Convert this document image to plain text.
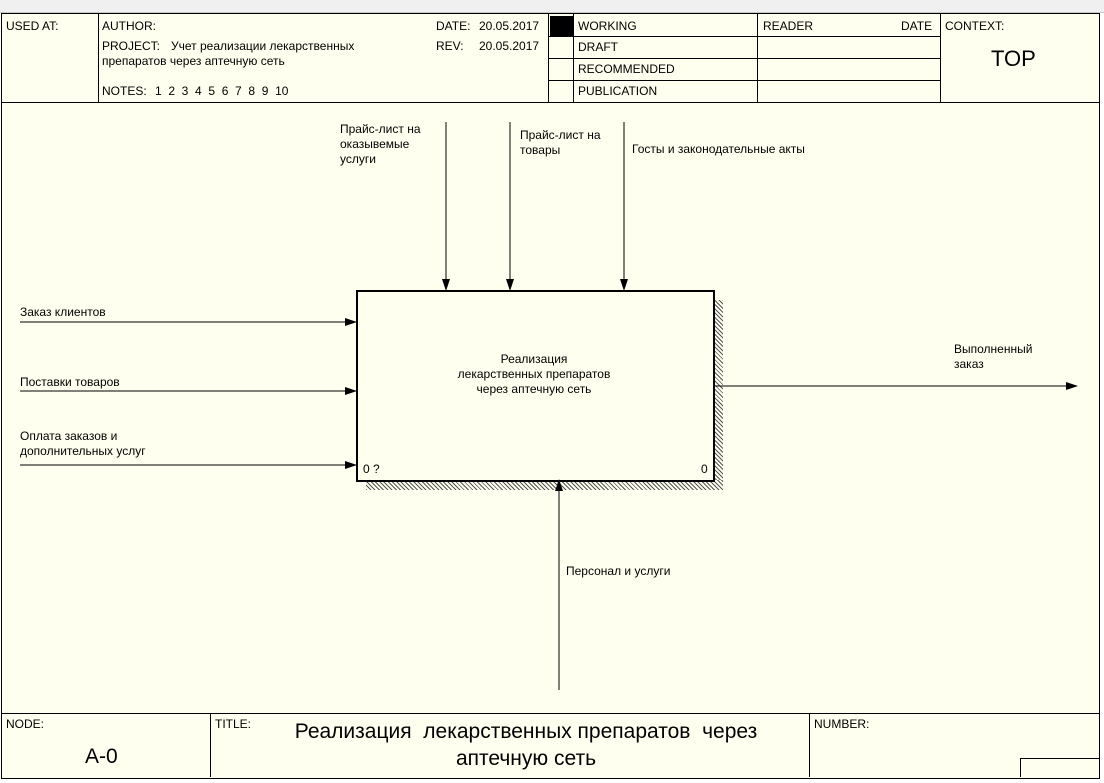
USED AT:	AUTHOR:
PROJECT: Учет реализации лекарственных
препаратов через аптечную сеть
NOTES: 1  2  3  4  5  6  7  8  9  10
DATE: 20.05.2017
REV: 20.05.2017
WORKING
DRAFT
RECOMMENDED
PUBLICATION
READER	DATE CONTEXT:
TOP
Реализация
лекарственных препаратов
через аптечную сеть
0 ?	0
Прайс-лист на
оказывемые
услуги
Прайс-лист на
товары	Госты и законодательные акты
Заказ клиентов
Поставки товаров
Оплата заказов и
дополнительных услуг
Выполненный
заказ
Персонал и услуги
NODE:
A-0
TITLE:	Реализация  лекарственных препаратов  через
аптечную сеть
NUMBER:
